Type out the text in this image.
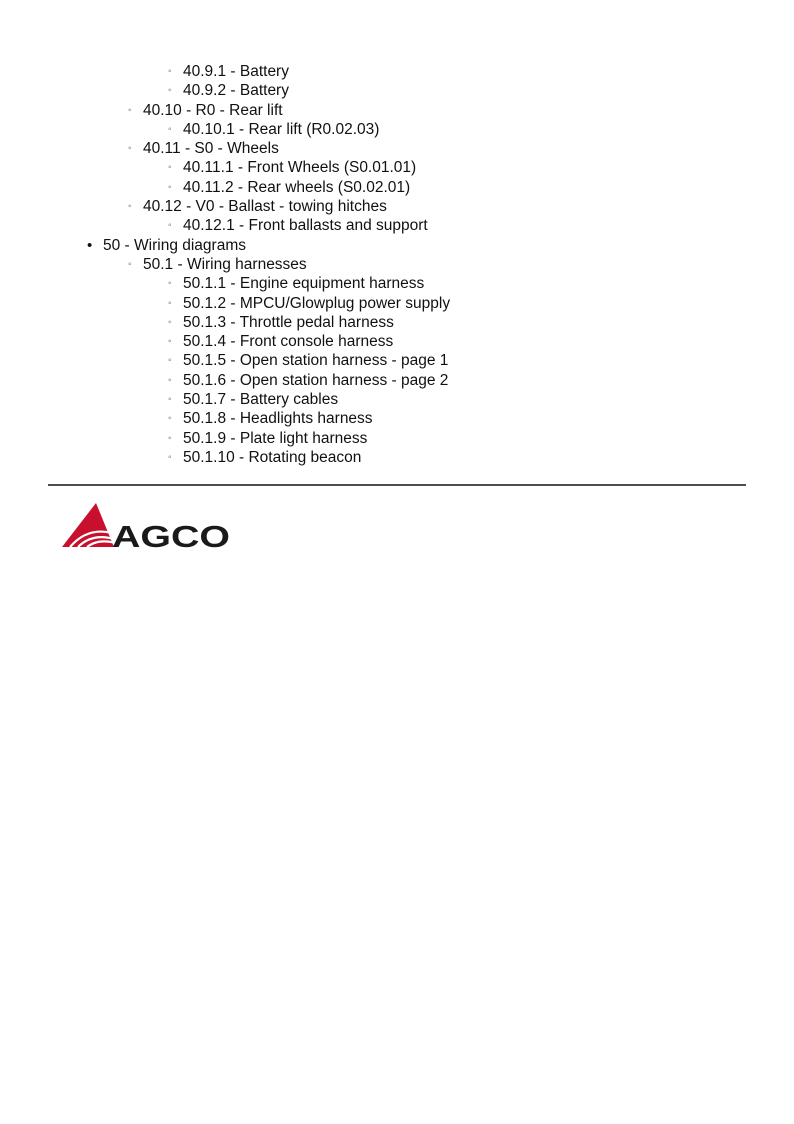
◦ 40.9.1 - Battery
◦ 40.9.2 - Battery
◦ 40.10 - R0 - Rear lift
◦ 40.10.1 - Rear lift (R0.02.03)
◦ 40.11 - S0 - Wheels
◦ 40.11.1 - Front Wheels (S0.01.01)
◦ 40.11.2 - Rear wheels (S0.02.01)
◦ 40.12 - V0 - Ballast - towing hitches
◦ 40.12.1 - Front ballasts and support
• 50 - Wiring diagrams
◦ 50.1 - Wiring harnesses
◦ 50.1.1 - Engine equipment harness
◦ 50.1.2 - MPCU/Glowplug power supply
◦ 50.1.3 - Throttle pedal harness
◦ 50.1.4 - Front console harness
◦ 50.1.5 - Open station harness - page 1
◦ 50.1.6 - Open station harness - page 2
◦ 50.1.7 - Battery cables
◦ 50.1.8 - Headlights harness
◦ 50.1.9 - Plate light harness
◦ 50.1.10 - Rotating beacon
AGCO
